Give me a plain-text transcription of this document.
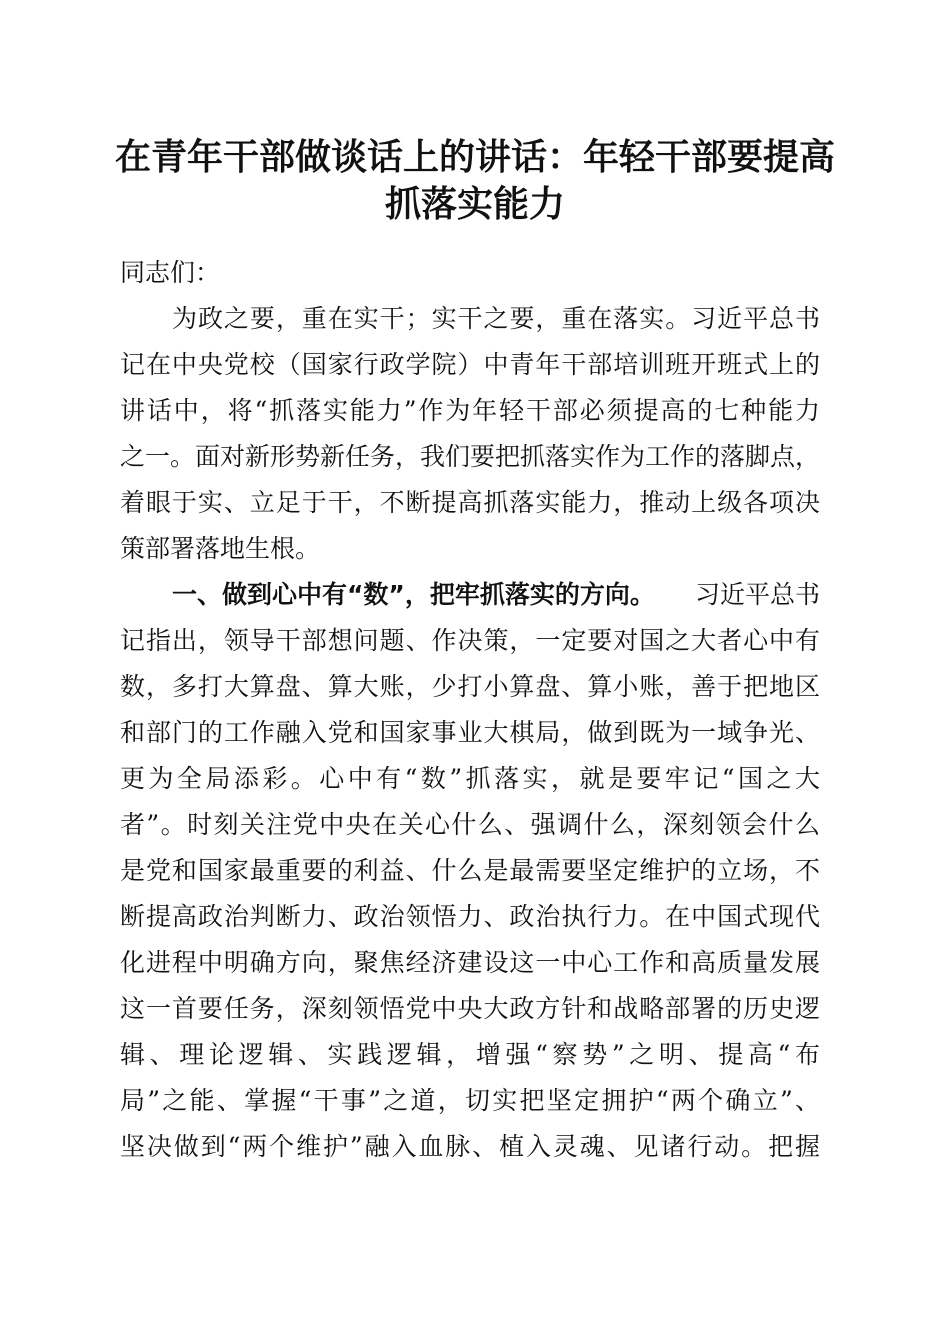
在青年干部做谈话上的讲话：年轻干部要提高
抓落实能力
同志们：
为政之要，重在实干；实干之要，重在落实。习近平总书
记在中央党校（国家行政学院）中青年干部培训班开班式上的
讲话中，将“抓落实能力”作为年轻干部必须提高的七种能力
之一。面对新形势新任务，我们要把抓落实作为工作的落脚点，
着眼于实、立足于干，不断提高抓落实能力，推动上级各项决
策部署落地生根。
一、做到心中有“数”，把牢抓落实的方向。 习近平总书
记指出，领导干部想问题、作决策，一定要对国之大者心中有
数，多打大算盘、算大账，少打小算盘、算小账，善于把地区
和部门的工作融入党和国家事业大棋局，做到既为一域争光、
更为全局添彩。心中有“数”抓落实，就是要牢记“国之大
者”。时刻关注党中央在关心什么、强调什么，深刻领会什么
是党和国家最重要的利益、什么是最需要坚定维护的立场，不
断提高政治判断力、政治领悟力、政治执行力。在中国式现代
化进程中明确方向，聚焦经济建设这一中心工作和高质量发展
这一首要任务，深刻领悟党中央大政方针和战略部署的历史逻
辑、理论逻辑、实践逻辑，增强“察势”之明、提高“布
局”之能、掌握“干事”之道，切实把坚定拥护“两个确立”、
坚决做到“两个维护”融入血脉、植入灵魂、见诸行动。把握
